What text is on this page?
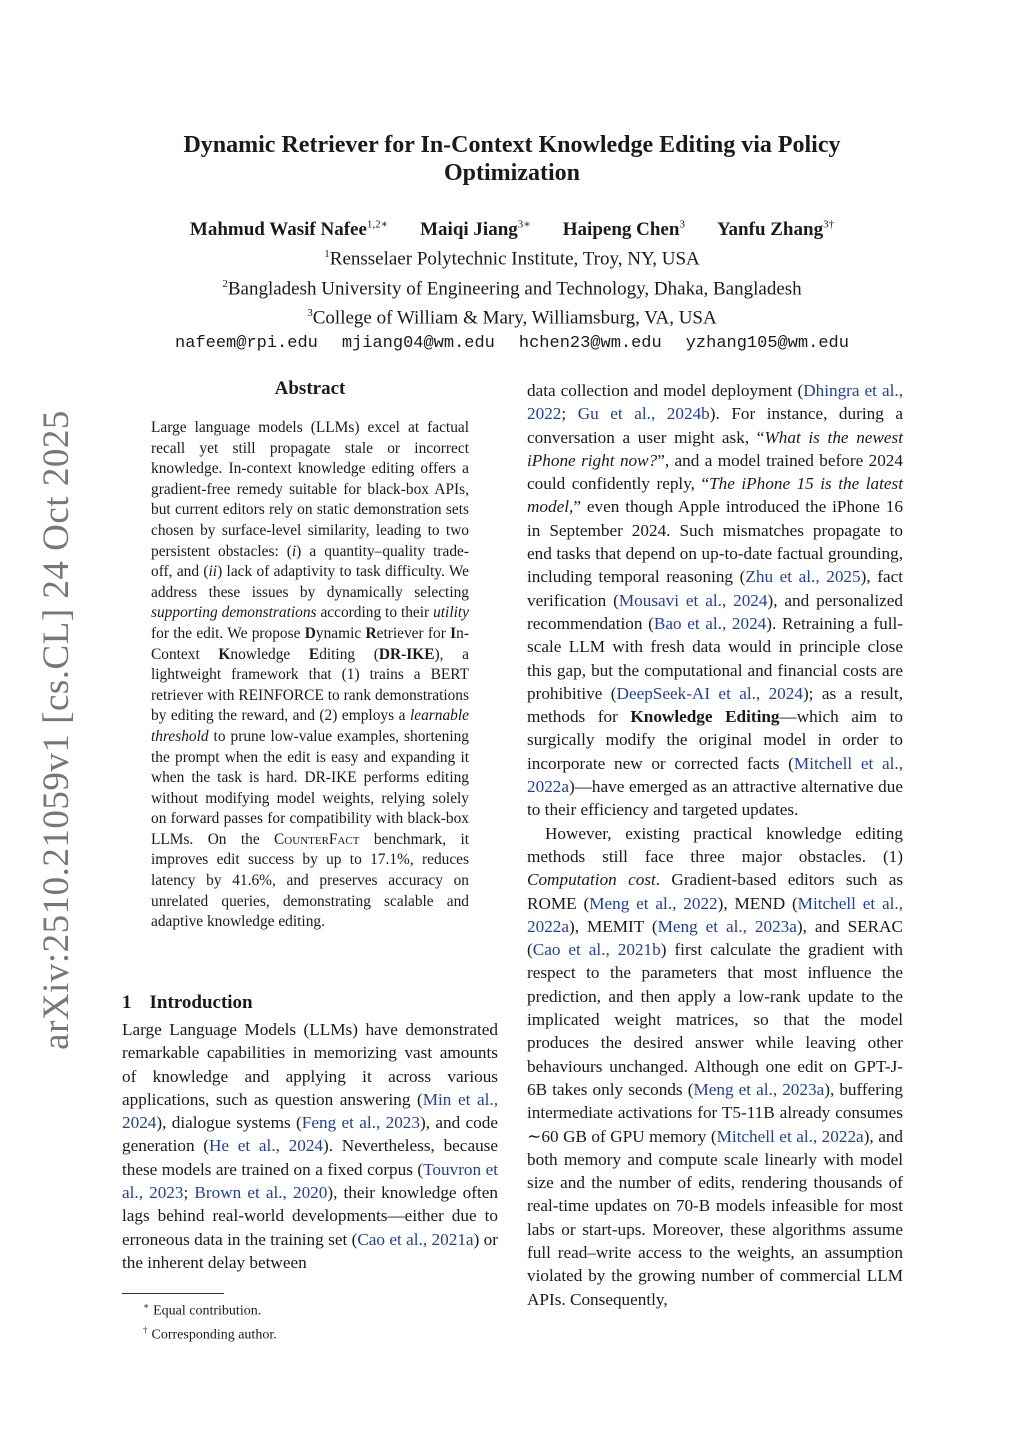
arXiv:2510.21059v1 [cs.CL] 24 Oct 2025
Dynamic Retriever for In-Context Knowledge Editing via Policy
Optimization
Mahmud Wasif Nafee$^{1,2∗}$ Maiqi Jiang$^{3∗}$ Haipeng Chen$^3$ Yanfu Zhang$^{3\dagger}$
$^1$Rensselaer Polytechnic Institute, Troy, NY, USA
$^2$Bangladesh University of Engineering and Technology, Dhaka, Bangladesh
$^3$College of William & Mary, Williamsburg, VA, USA
nafeem@rpi.edu mjiang04@wm.edu hchen23@wm.edu yzhang105@wm.edu
Abstract
Large language models (LLMs) excel at factual recall yet still propagate stale or incorrect knowledge. In-context knowledge editing offers a gradient-free remedy suitable for black-box APIs, but current editors rely on static demonstration sets chosen by surface-level similarity, leading to two persistent obstacles: (i) a quantity–quality trade-off, and (ii) lack of adaptivity to task difficulty. We address these issues by dynamically selecting supporting demonstrations according to their utility for the edit. We propose Dynamic Retriever for In-Context Knowledge Editing (DR-IKE), a lightweight framework that (1) trains a BERT retriever with REINFORCE to rank demonstrations by editing the reward, and (2) employs a learnable threshold to prune low-value examples, shortening the prompt when the edit is easy and expanding it when the task is hard. DR-IKE performs editing without modifying model weights, relying solely on forward passes for compatibility with black-box LLMs. On the CounterFact benchmark, it improves edit success by up to 17.1%, reduces latency by 41.6%, and preserves accuracy on unrelated queries, demonstrating scalable and adaptive knowledge editing.
1 Introduction
Large Language Models (LLMs) have demonstrated remarkable capabilities in memorizing vast amounts of knowledge and applying it across various applications, such as question answering (Min et al., 2024), dialogue systems (Feng et al., 2023), and code generation (He et al., 2024). Nevertheless, because these models are trained on a fixed corpus (Touvron et al., 2023; Brown et al., 2020), their knowledge often lags behind real-world developments—either due to erroneous data in the training set (Cao et al., 2021a) or the inherent delay between
∗ Equal contribution.
† Corresponding author.

data collection and model deployment (Dhingra et al., 2022; Gu et al., 2024b). For instance, during a conversation a user might ask, “What is the newest iPhone right now?”, and a model trained before 2024 could confidently reply, “The iPhone 15 is the latest model,” even though Apple introduced the iPhone 16 in September 2024. Such mismatches propagate to end tasks that depend on up-to-date factual grounding, including temporal reasoning (Zhu et al., 2025), fact verification (Mousavi et al., 2024), and personalized recommendation (Bao et al., 2024). Retraining a full-scale LLM with fresh data would in principle close this gap, but the computational and financial costs are prohibitive (DeepSeek-AI et al., 2024); as a result, methods for Knowledge Editing—which aim to surgically modify the original model in order to incorporate new or corrected facts (Mitchell et al., 2022a)—have emerged as an attractive alternative due to their efficiency and targeted updates.

However, existing practical knowledge editing methods still face three major obstacles. (1) Computation cost. Gradient-based editors such as ROME (Meng et al., 2022), MEND (Mitchell et al., 2022a), MEMIT (Meng et al., 2023a), and SERAC (Cao et al., 2021b) first calculate the gradient with respect to the parameters that most influence the prediction, and then apply a low-rank update to the implicated weight matrices, so that the model produces the desired answer while leaving other behaviours unchanged. Although one edit on GPT-J-6B takes only seconds (Meng et al., 2023a), buffering intermediate activations for T5-11B already consumes ∼60 GB of GPU memory (Mitchell et al., 2022a), and both memory and compute scale linearly with model size and the number of edits, rendering thousands of real-time updates on 70-B models infeasible for most labs or start-ups. Moreover, these algorithms assume full read–write access to the weights, an assumption violated by the growing number of commercial LLM APIs. Consequently,
